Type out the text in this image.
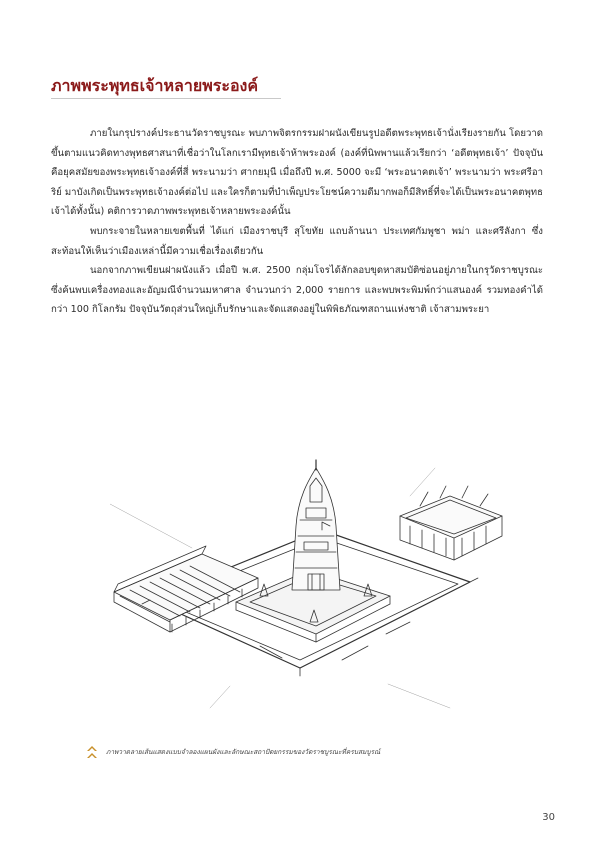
ภาพพระพุทธเจ้าหลายพระองค์

ภายในกรุปรางค์ประธานวัดราชบูรณะ พบภาพจิตรกรรมฝาผนังเขียนรูปอดีตพระพุทธเจ้านั่งเรียงรายกัน โดยวาดขึ้นตามแนวคิดทางพุทธศาสนาที่เชื่อว่าในโลกเรามีพุทธเจ้าห้าพระองค์ (องค์ที่นิพพานแล้วเรียกว่า ‘อดีตพุทธเจ้า’ ปัจจุบันคือยุคสมัยของพระพุทธเจ้าองค์ที่สี่ พระนามว่า ศากยมุนี เมื่อถึงปี พ.ศ. 5000 จะมี ‘พระอนาคตเจ้า’ พระนามว่า พระศรีอาริย์ มาบังเกิดเป็นพระพุทธเจ้าองค์ต่อไป และใครก็ตามที่บำเพ็ญประโยชน์ความดีมากพอก็มีสิทธิ์ที่จะได้เป็นพระอนาคตพุทธเจ้าได้ทั้งนั้น) คติการวาดภาพพระพุทธเจ้าหลายพระองค์นั้น

พบกระจายในหลายเขตพื้นที่ ได้แก่ เมืองราชบุรี สุโขทัย แถบล้านนา ประเทศกัมพูชา พม่า และศรีลังกา ซึ่งสะท้อนให้เห็นว่าเมืองเหล่านี้มีความเชื่อเรื่องเดียวกัน

นอกจากภาพเขียนฝาผนังแล้ว เมื่อปี พ.ศ. 2500 กลุ่มโจรได้ลักลอบขุดหาสมบัติซ่อนอยู่ภายในกรุวัดราชบูรณะ ซึ่งค้นพบเครื่องทองและอัญมณีจำนวนมหาศาล จำนวนกว่า 2,000 รายการ และพบพระพิมพ์กว่าแสนองค์ รวมทองคำได้กว่า 100 กิโลกรัม ปัจจุบันวัตถุส่วนใหญ่เก็บรักษาและจัดแสดงอยู่ในพิพิธภัณฑสถานแห่งชาติ เจ้าสามพระยา

ภาพวาดลายเส้นแสดงแบบจำลองแผนผังและลักษณะสถาปัตยกรรมของวัดราชบูรณะที่ครบสมบูรณ์
30
